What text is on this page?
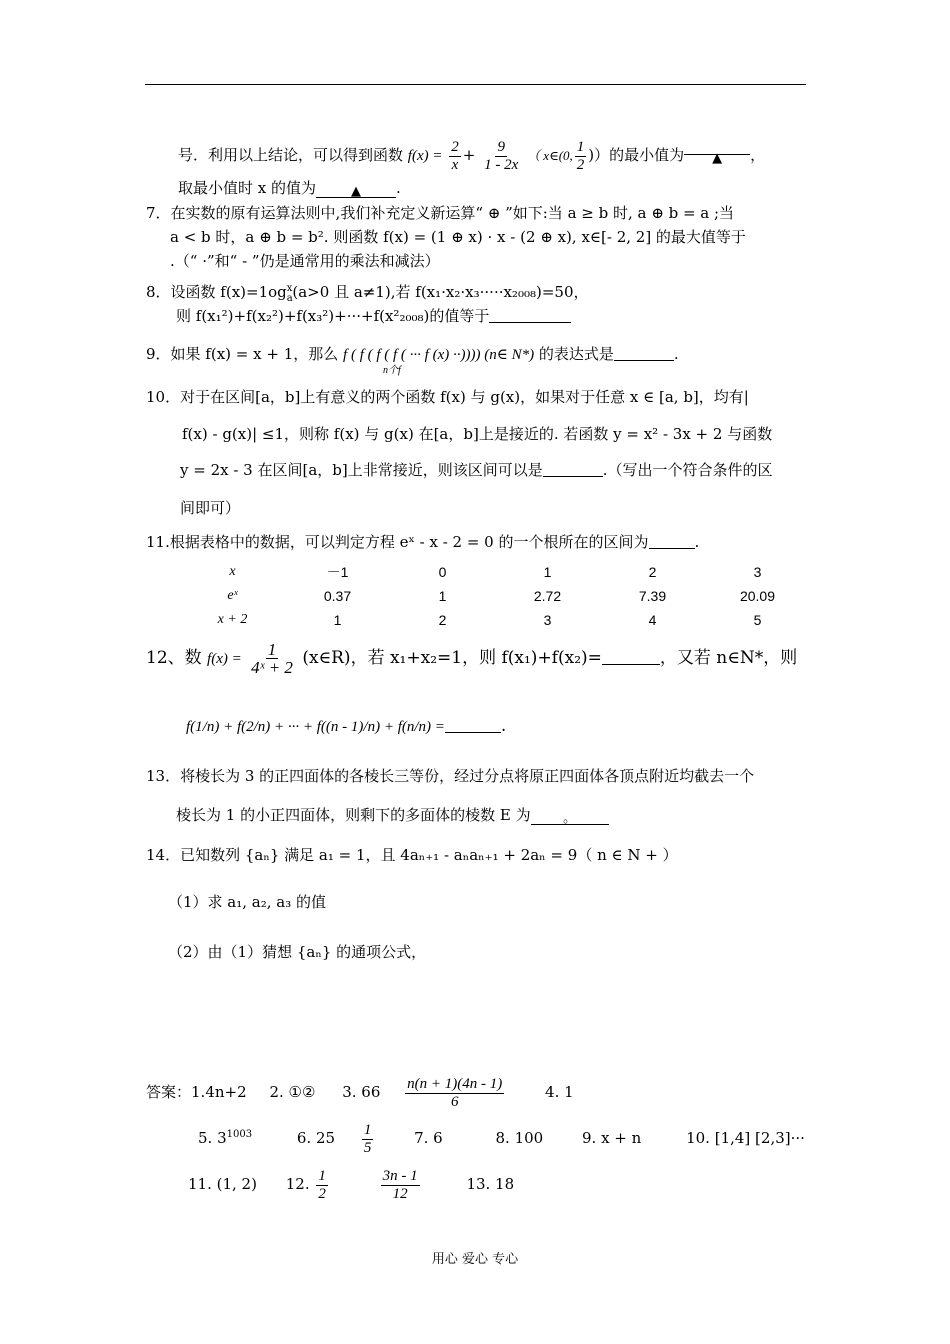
号．利用以上结论，可以得到函数 $f(x) = \frac{2}{x} + \frac{9}{1 - 2x}$ （ x∈(0, $\frac{1}{2}$ )）的最小值为 ▲ ，
取最小值时 x 的值为	▲ .
7．在实数的原有运算法则中,我们补充定义新运算“ ⊕ ”如下:当 a ≥ b 时, a ⊕ b = a ;当
a < b 时，a ⊕ b = b². 则函数 f(x) = (1 ⊕ x) · x - (2 ⊕ x), x∈[- 2, 2] 的最大值等于
.（“ ·”和“ - ”仍是通常用的乘法和减法）
8．设函数 $f(x)=1og_a^x(a>0$ 且 a≠1),若 f(x₁·x₂·x₃·····x₂₀₀₈)=50，
则 f(x₁²)+f(x₂²)+f(x₃²)+···+f(x²₂₀₀₈)的值等于
9．如果 f(x) = x + 1，那么 f ( f ( f ( f ( ··· f (x) ··)))) (n∈ N*)
n个f
的表达式是	.
10．对于在区间[a，b]上有意义的两个函数 f(x) 与 g(x)，如果对于任意 x ∈ [a, b]，均有|
f(x) - g(x)| ≤1，则称 f(x) 与 g(x) 在[a，b]上是接近的. 若函数 y = x² - 3x + 2 与函数
y = 2x - 3 在区间[a，b]上非常接近，则该区间可以是	.（写出一个符合条件的区
间即可）
11.根据表格中的数据，可以判定方程 eˣ - x - 2 = 0 的一个根所在的区间为	.
x	－1	0	1	2	3
eˣ	0.37	1	2.72	7.39	20.09
x + 2	1	2	3	4	5
12、数 $f(x) = \frac{1}{\text{4ˣ + 2}}$ (x∈R)，若 x₁+x₂=1，则 f(x₁)+f(x₂)=	，又若 n∈N*，则
f(1/n) + f(2/n) + ··· + f((n - 1)/n) + f(n/n) =	.
13．将棱长为 3 的正四面体的各棱长三等份，经过分点将原正四面体各顶点附近均截去一个
棱长为 1 的小正四面体，则剩下的多面体的棱数 E 为 。
14．已知数列 {aₙ} 满足 a₁ = 1，且 4aₙ₊₁ - aₙaₙ₊₁ + 2aₙ = 9（ n ∈ N + ）
（1）求 a₁, a₂, a₃ 的值
（2）由（1）猜想 {aₙ} 的通项公式，
答案：1.4n+2 2. ①② 3. $66 \frac{n(n + 1)(4n - 1)}{6}$	4. 1
5. $3^{1003}$	6. $25 \frac{1}{5}$	7. 6	8. 100	9. x + n	10. [1,4] [2,3]···
11. (1, 2) 12. $\frac{1}{2}$
	$\frac{3n - 1}{12}$	13. 18
用心 爱心 专心
